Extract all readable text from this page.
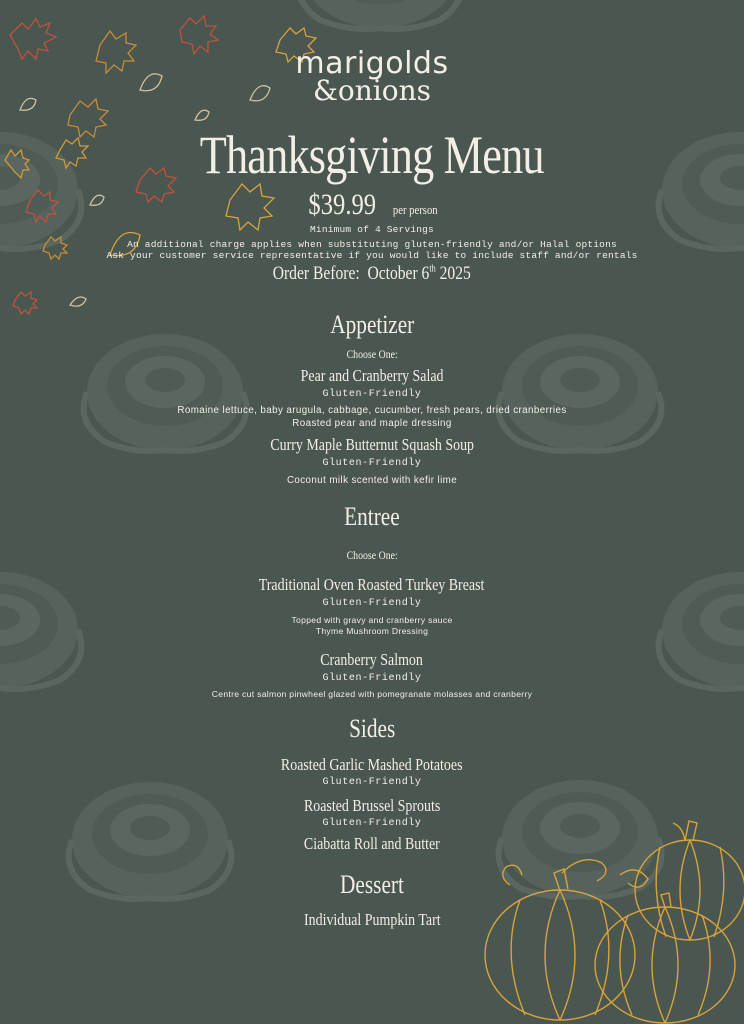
marigolds
&onions
Thanksgiving Menu
$39.99 per person
Minimum of 4 Servings
An additional charge applies when substituting gluten-friendly and/or Halal options
Ask your customer service representative if you would like to include staff and/or rentals
Order Before: October 6th 2025
Appetizer
Choose One:
Pear and Cranberry Salad
Gluten-Friendly
Romaine lettuce, baby arugula, cabbage, cucumber, fresh pears, dried cranberries
Roasted pear and maple dressing
Curry Maple Butternut Squash Soup
Gluten-Friendly
Coconut milk scented with kefir lime
Entree
Choose One:
Traditional Oven Roasted Turkey Breast
Gluten-Friendly
Topped with gravy and cranberry sauce
Thyme Mushroom Dressing
Cranberry Salmon
Gluten-Friendly
Centre cut salmon pinwheel glazed with pomegranate molasses and cranberry
Sides
Roasted Garlic Mashed Potatoes
Gluten-Friendly
Roasted Brussel Sprouts
Gluten-Friendly
Ciabatta Roll and Butter
Dessert
Individual Pumpkin Tart
